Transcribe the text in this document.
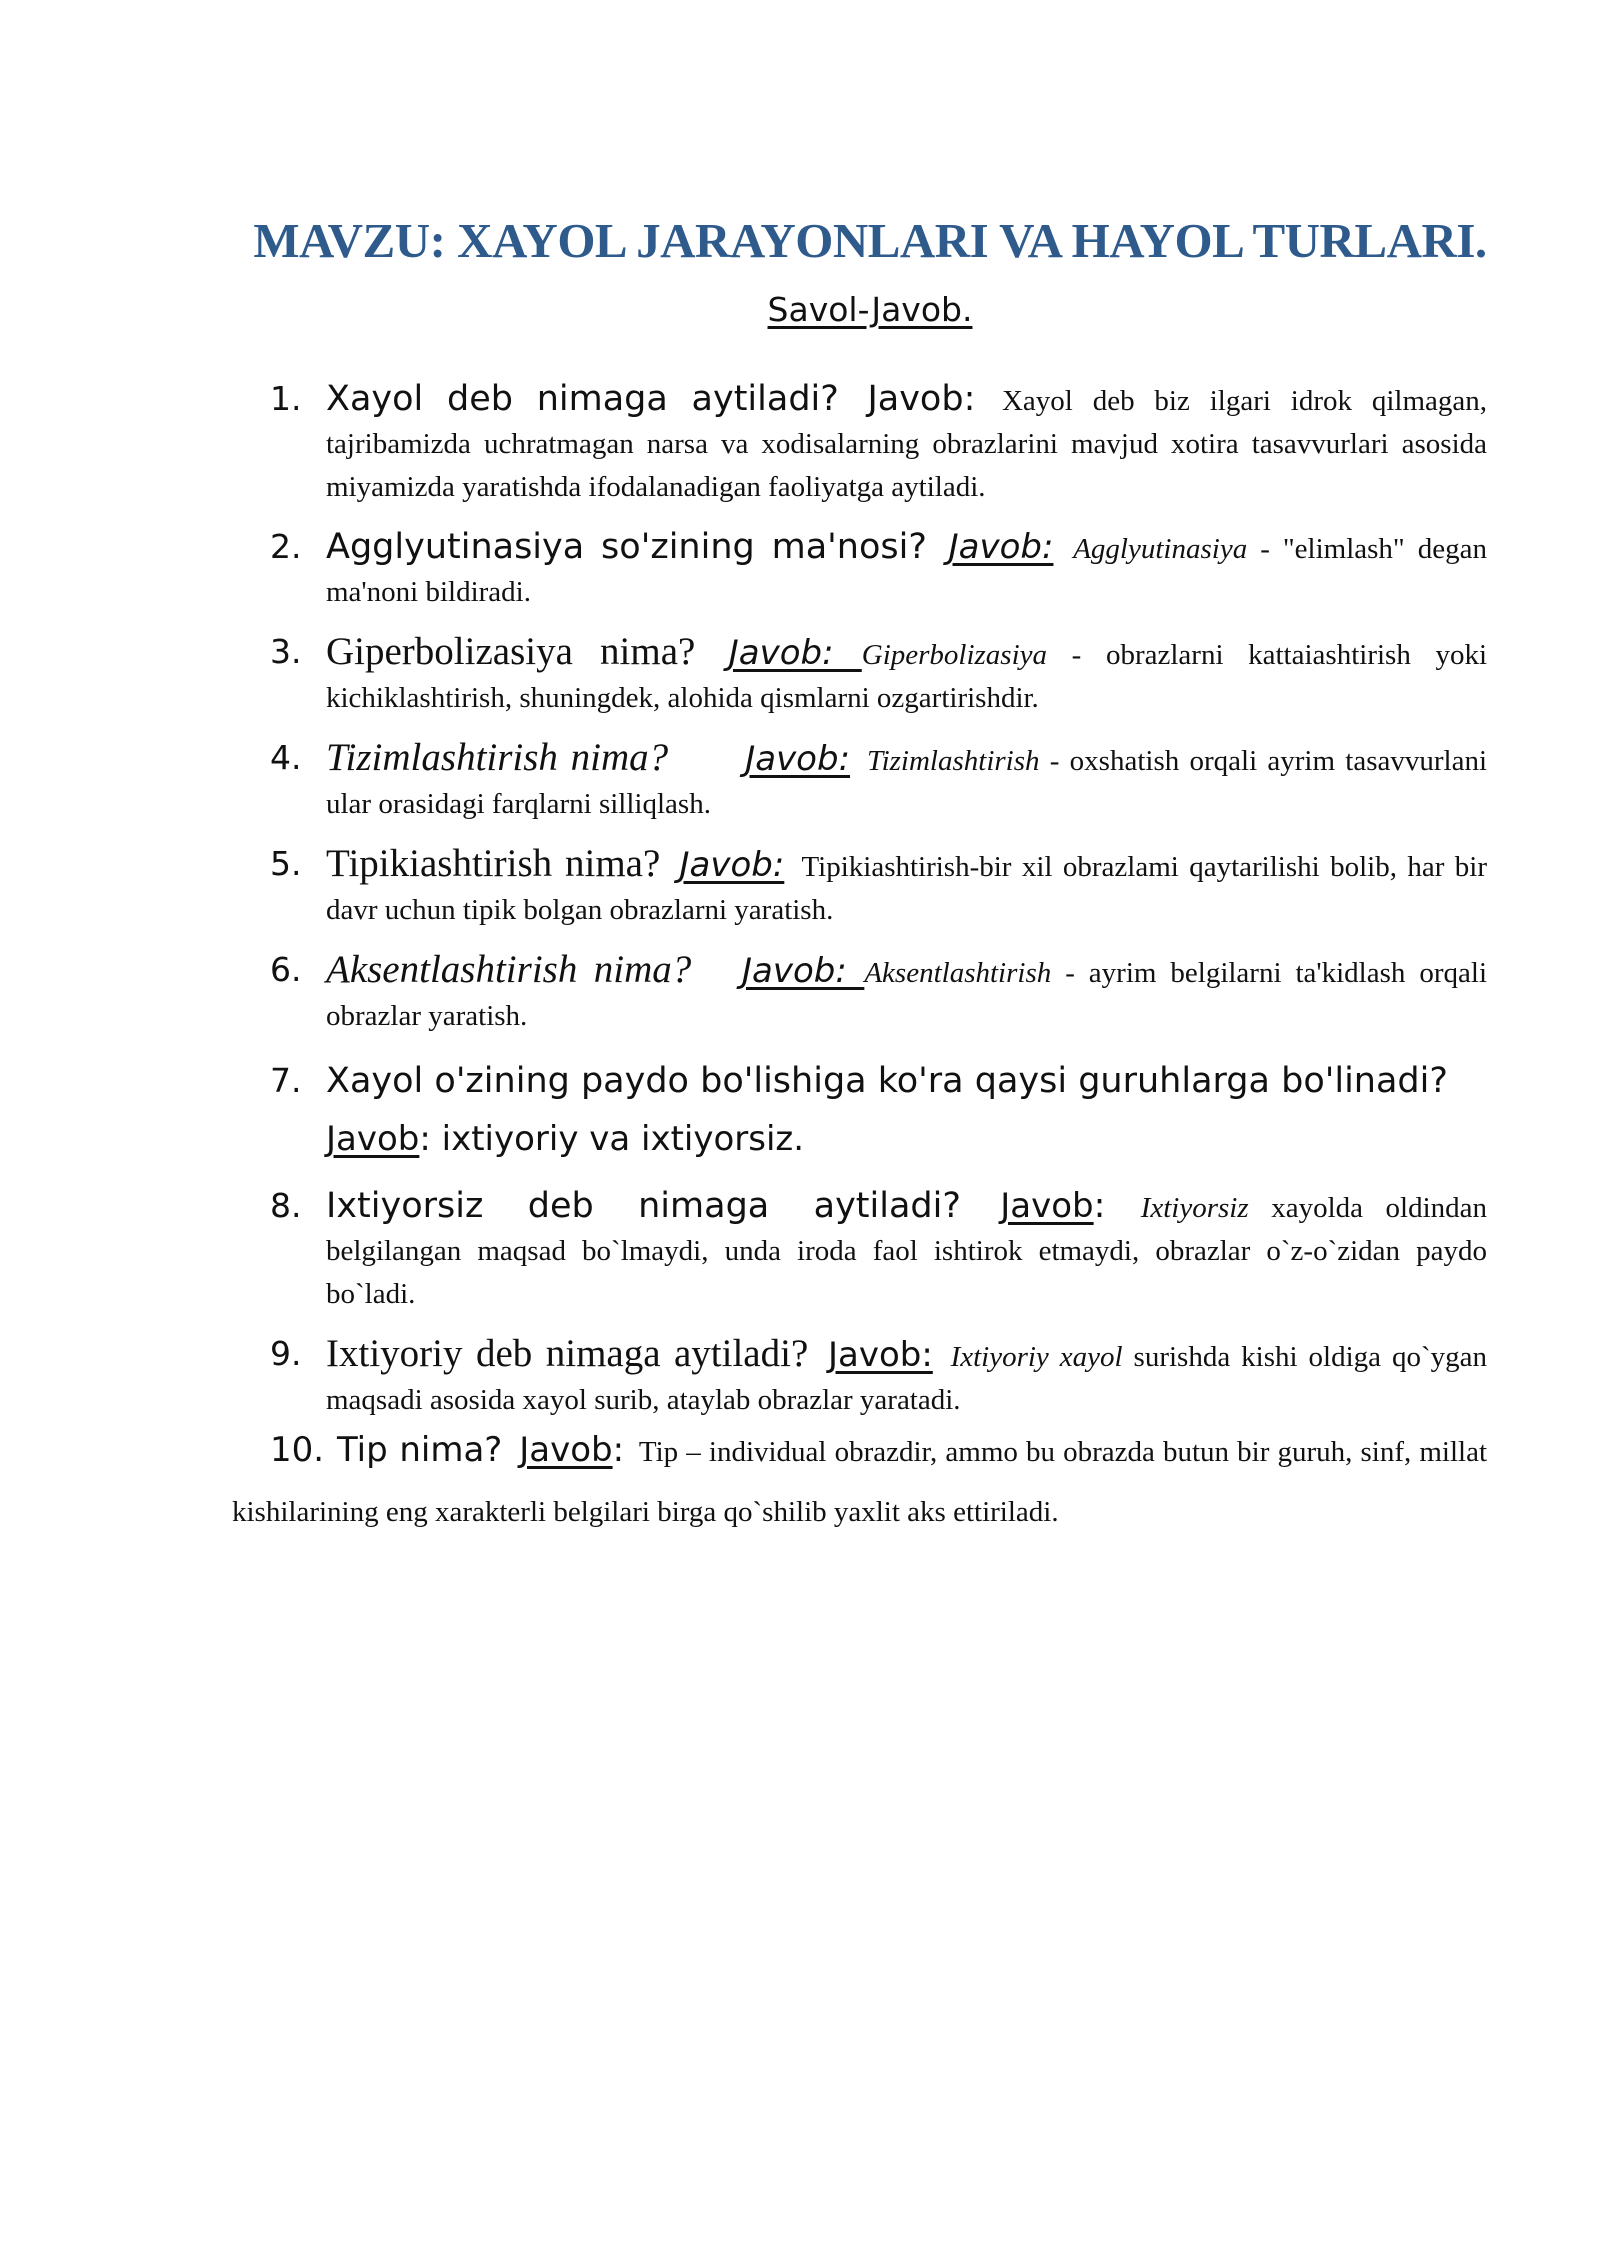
MAVZU: XAYOL JARAYONLARI VA HAYOL TURLARI.
Savol-Javob.
1. Xayol deb nimaga aytiladi? Javob: Xayol deb biz ilgari idrok qilmagan, tajribamizda uchratmagan narsa va xodisalarning obrazlarini mavjud xotira tasavvurlari asosida miyamizda yaratishda ifodalanadigan faoliyatga aytiladi.
2. Agglyutinasiya so'zining ma'nosi? Javob: Agglyutinasiya - "elimlash" degan ma'noni bildiradi.
3. Giperbolizasiya nima? Javob: Giperbolizasiya - obrazlarni kattaiashtirish yoki kichiklashtirish, shuningdek, alohida qismlarni ozgartirishdir.
4. Tizimlashtirish nima? Javob: Tizimlashtirish - oxshatish orqali ayrim tasavvurlani ular orasidagi farqlarni silliqlash.
5. Tipikiashtirish nima? Javob: Tipikiashtirish-bir xil obrazlami qaytarilishi bolib, har bir davr uchun tipik bolgan obrazlarni yaratish.
6. Aksentlashtirish nima? Javob: Aksentlashtirish - ayrim belgilarni ta'kidlash orqali obrazlar yaratish.
7. Xayol o'zining paydo bo'lishiga ko'ra qaysi guruhlarga bo'linadi?
Javob: ixtiyoriy va ixtiyorsiz.
8. Ixtiyorsiz deb nimaga aytiladi? Javob: Ixtiyorsiz xayolda oldindan belgilangan maqsad bo`lmaydi, unda iroda faol ishtirok etmaydi, obrazlar o`z-o`zidan paydo bo`ladi.
9. Ixtiyoriy deb nimaga aytiladi? Javob: Ixtiyoriy xayol surishda kishi oldiga qo`ygan maqsadi asosida xayol surib, ataylab obrazlar yaratadi.
10. Tip nima? Javob: Tip – individual obrazdir, ammo bu obrazda butun bir guruh, sinf, millat kishilarining eng xarakterli belgilari birga qo`shilib yaxlit aks ettiriladi.
